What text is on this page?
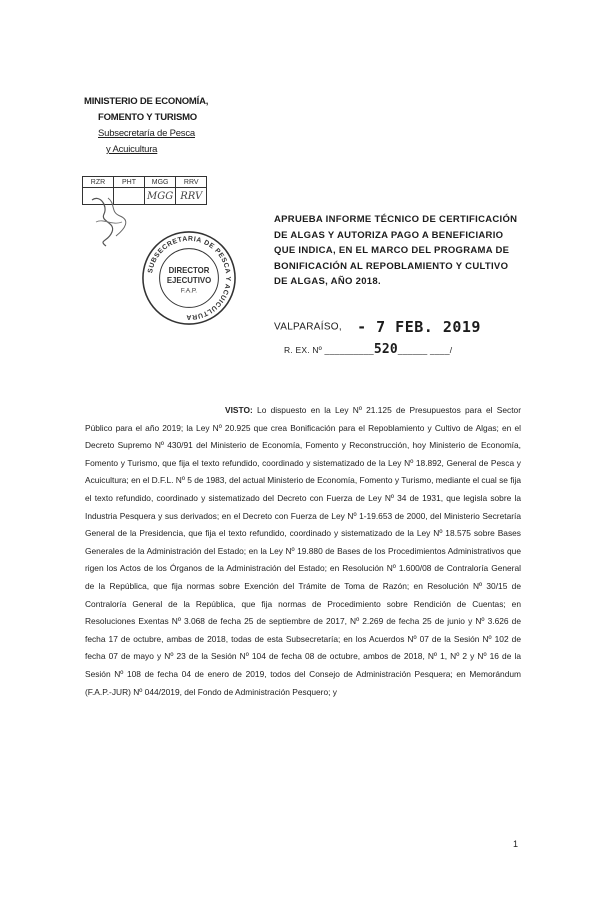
MINISTERIO DE ECONOMÍA,
FOMENTO Y TURISMO
Subsecretaría de Pesca
y Acuicultura
RZR	PHT	MGG	RRV
		MGG	RRV
SUBSECRETARIA DE PESCA Y ACUICULTURA
DIRECTOR
EJECUTIVO
F.A.P.

APRUEBA INFORME TÉCNICO DE CERTIFICACIÓN DE ALGAS Y AUTORIZA PAGO A BENEFICIARIO QUE INDICA, EN EL MARCO DEL PROGRAMA DE BONIFICACIÓN AL REPOBLAMIENTO Y CULTIVO DE ALGAS, AÑO 2018.

VALPARAÍSO, - 7 FEB. 2019
R. EX. Nº __________520______ ____/
VISTO: Lo dispuesto en la Ley Nº 21.125 de Presupuestos para el Sector Público para el año 2019; la Ley Nº 20.925 que crea Bonificación para el Repoblamiento y Cultivo de Algas; en el Decreto Supremo Nº 430/91 del Ministerio de Economía, Fomento y Reconstrucción, hoy Ministerio de Economía, Fomento y Turismo, que fija el texto refundido, coordinado y sistematizado de la Ley Nº 18.892, General de Pesca y Acuicultura; en el D.F.L. Nº 5 de 1983, del actual Ministerio de Economía, Fomento y Turismo, mediante el cual se fija el texto refundido, coordinado y sistematizado del Decreto con Fuerza de Ley Nº 34 de 1931, que legisla sobre la Industria Pesquera y sus derivados; en el Decreto con Fuerza de Ley Nº 1-19.653 de 2000, del Ministerio Secretaría General de la Presidencia, que fija el texto refundido, coordinado y sistematizado de la Ley Nº 18.575 sobre Bases Generales de la Administración del Estado; en la Ley Nº 19.880 de Bases de los Procedimientos Administrativos que rigen los Actos de los Órganos de la Administración del Estado; en Resolución Nº 1.600/08 de Contraloría General de la República, que fija normas sobre Exención del Trámite de Toma de Razón; en Resolución Nº 30/15 de Contraloría General de la República, que fija normas de Procedimiento sobre Rendición de Cuentas; en Resoluciones Exentas Nº 3.068 de fecha 25 de septiembre de 2017, Nº 2.269 de fecha 25 de junio y Nº 3.626 de fecha 17 de octubre, ambas de 2018, todas de esta Subsecretaría; en los Acuerdos Nº 07 de la Sesión Nº 102 de fecha 07 de mayo y Nº 23 de la Sesión Nº 104 de fecha 08 de octubre, ambos de 2018, Nº 1, Nº 2 y Nº 16 de la Sesión Nº 108 de fecha 04 de enero de 2019, todos del Consejo de Administración Pesquera; en Memorándum (F.A.P.-JUR) Nº 044/2019, del Fondo de Administración Pesquero; y
1
